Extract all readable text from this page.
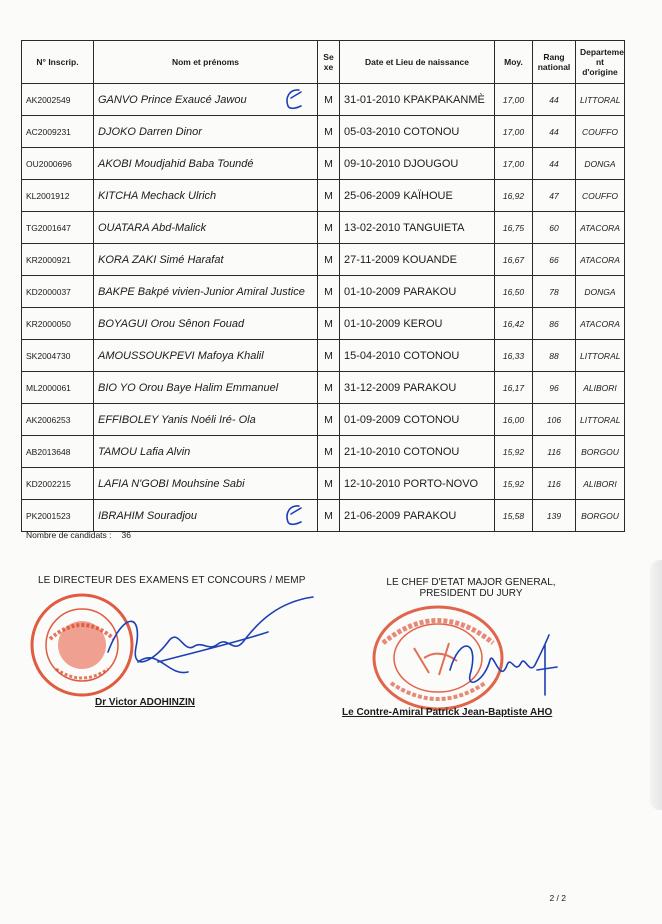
N° Inscrip.	Nom et prénoms	Se xe	Date et Lieu de naissance	Moy.	Rang national	Departeme nt d'origine
AK2002549	GANVO Prince Exaucé Jawou	M	31-01-2010 KPAKPAKANMÈ	17,00	44	LITTORAL
AC2009231	DJOKO Darren Dinor	M	05-03-2010 COTONOU	17,00	44	COUFFO
OU2000696	AKOBI Moudjahid Baba Toundé	M	09-10-2010 DJOUGOU	17,00	44	DONGA
KL2001912	KITCHA Mechack Ulrich	M	25-06-2009 KAÏHOUE	16,92	47	COUFFO
TG2001647	OUATARA Abd-Malick	M	13-02-2010 TANGUIETA	16,75	60	ATACORA
KR2000921	KORA ZAKI Simé Harafat	M	27-11-2009 KOUANDE	16,67	66	ATACORA
KD2000037	BAKPE Bakpé vivien-Junior Amiral Justice	M	01-10-2009 PARAKOU	16,50	78	DONGA
KR2000050	BOYAGUI Orou Sênon Fouad	M	01-10-2009 KEROU	16,42	86	ATACORA
SK2004730	AMOUSSOUKPEVI Mafoya Khalil	M	15-04-2010 COTONOU	16,33	88	LITTORAL
ML2000061	BIO YO Orou Baye Halim Emmanuel	M	31-12-2009 PARAKOU	16,17	96	ALIBORI
AK2006253	EFFIBOLEY Yanis Noéli Iré- Ola	M	01-09-2009 COTONOU	16,00	106	LITTORAL
AB2013648	TAMOU Lafia Alvin	M	21-10-2010 COTONOU	15,92	116	BORGOU
KD2002215	LAFIA N'GOBI Mouhsine Sabi	M	12-10-2010 PORTO-NOVO	15,92	116	ALIBORI
PK2001523	IBRAHIM Souradjou	M	21-06-2009 PARAKOU	15,58	139	BORGOU
Nombre de candidats : 36
LE DIRECTEUR DES EXAMENS ET CONCOURS / MEMP	LE CHEF D'ETAT MAJOR GENERAL,
PRESIDENT DU JURY
Dr Victor ADOHINZIN
Le Contre-Amiral Patrick Jean-Baptiste AHO
2 / 2
